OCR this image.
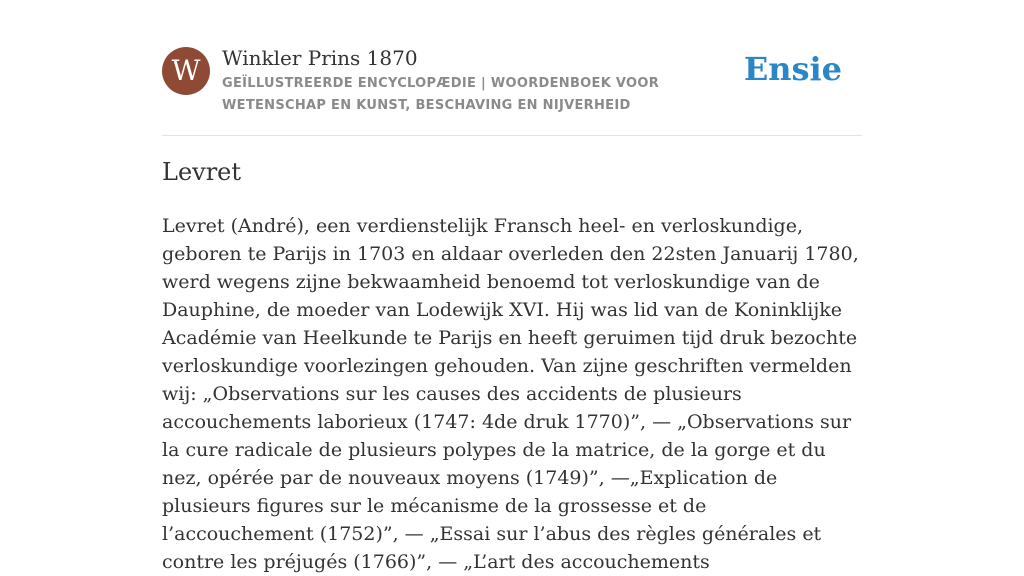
W	Winkler Prins 1870
GEÏLLUSTREERDE ENCYCLOPÆDIE | WOORDENBOEK VOOR WETENSCHAP EN KUNST, BESCHAVING EN NIJVERHEID
Ensie
Levret

Levret (André), een verdienstelijk Fransch heel- en verloskundige, geboren te Parijs in 1703 en aldaar overleden den 22sten Januarij 1780, werd wegens zijne bekwaamheid benoemd tot verloskundige van de Dauphine, de moeder van Lodewijk XVI. Hij was lid van de Koninklijke Académie van Heelkunde te Parijs en heeft geruimen tijd druk bezochte verloskundige voorlezingen gehouden. Van zijne geschriften vermelden wij: „Observations sur les causes des accidents de plusieurs accouchements laborieux (1747: 4de druk 1770)”, — „Observations sur la cure radicale de plusieurs polypes de la matrice, de la gorge et du nez, opérée par de nouveaux moyens (1749)”, —„Explication de plusieurs figures sur le mécanisme de la grossesse et de l’accouchement (1752)”, — „Essai sur l’abus des règles générales et contre les préjugés (1766)”, — „L’art des accouchements
